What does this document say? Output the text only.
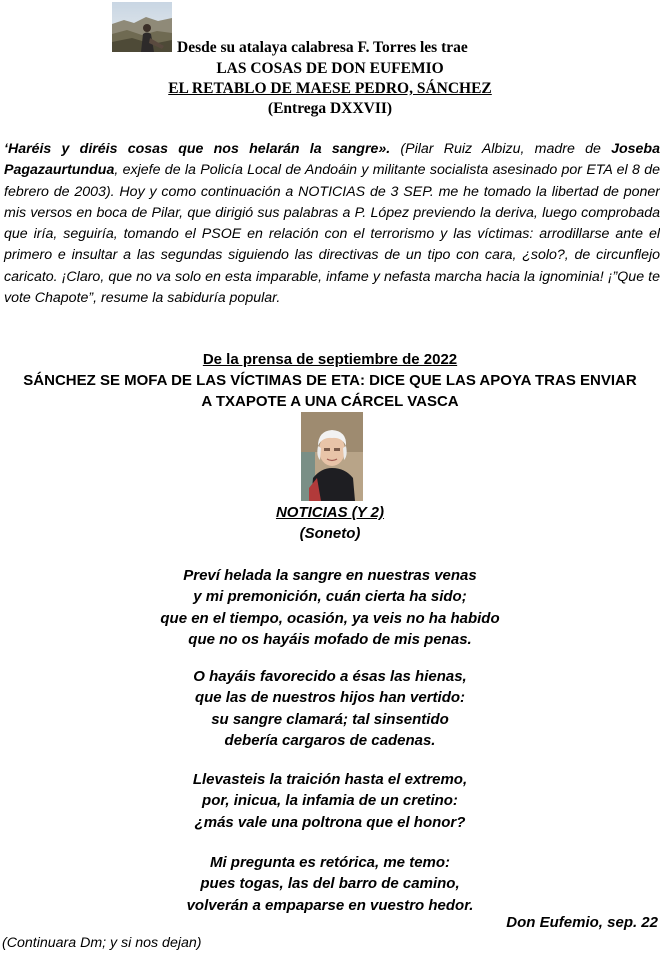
Desde su atalaya calabresa F. Torres les trae
LAS COSAS DE DON EUFEMIO
EL RETABLO DE MAESE PEDRO, SÁNCHEZ
(Entrega DXXVII)
‘Haréis y diréis cosas que nos helarán la sangre». (Pilar Ruiz Albizu, madre de Joseba Pagazaurtundua, exjefe de la Policía Local de Andoáin y militante socialista asesinado por ETA el 8 de febrero de 2003). Hoy y como continuación a NOTICIAS de 3 SEP. me he tomado la libertad de poner mis versos en boca de Pilar, que dirigió sus palabras a P. López previendo la deriva, luego comprobada que iría, seguiría, tomando el PSOE en relación con el terrorismo y las víctimas: arrodillarse ante el primero e insultar a las segundas siguiendo las directivas de un tipo con cara, ¿solo?, de circunflejo caricato. ¡Claro, que no va solo en esta imparable, infame y nefasta marcha hacia la ignominia! ¡”Que te vote Chapote”, resume la sabiduría popular.
De la prensa de septiembre de 2022
SÁNCHEZ SE MOFA DE LAS VÍCTIMAS DE ETA: DICE QUE LAS APOYA TRAS ENVIAR
A TXAPOTE A UNA CÁRCEL VASCA
NOTICIAS (Y 2)
(Soneto)
Preví helada la sangre en nuestras venas
y mi premonición, cuán cierta ha sido;
que en el tiempo, ocasión, ya veis no ha habido
que no os hayáis mofado de mis penas.
O hayáis favorecido a ésas las hienas,
que las de nuestros hijos han vertido:
su sangre clamará; tal sinsentido
debería cargaros de cadenas.
Llevasteis la traición hasta el extremo,
por, inicua, la infamia de un cretino:
¿más vale una poltrona que el honor?
Mi pregunta es retórica, me temo:
pues togas, las del barro de camino,
volverán a empaparse en vuestro hedor.
Don Eufemio, sep. 22
(Continuara Dm; y si nos dejan)
